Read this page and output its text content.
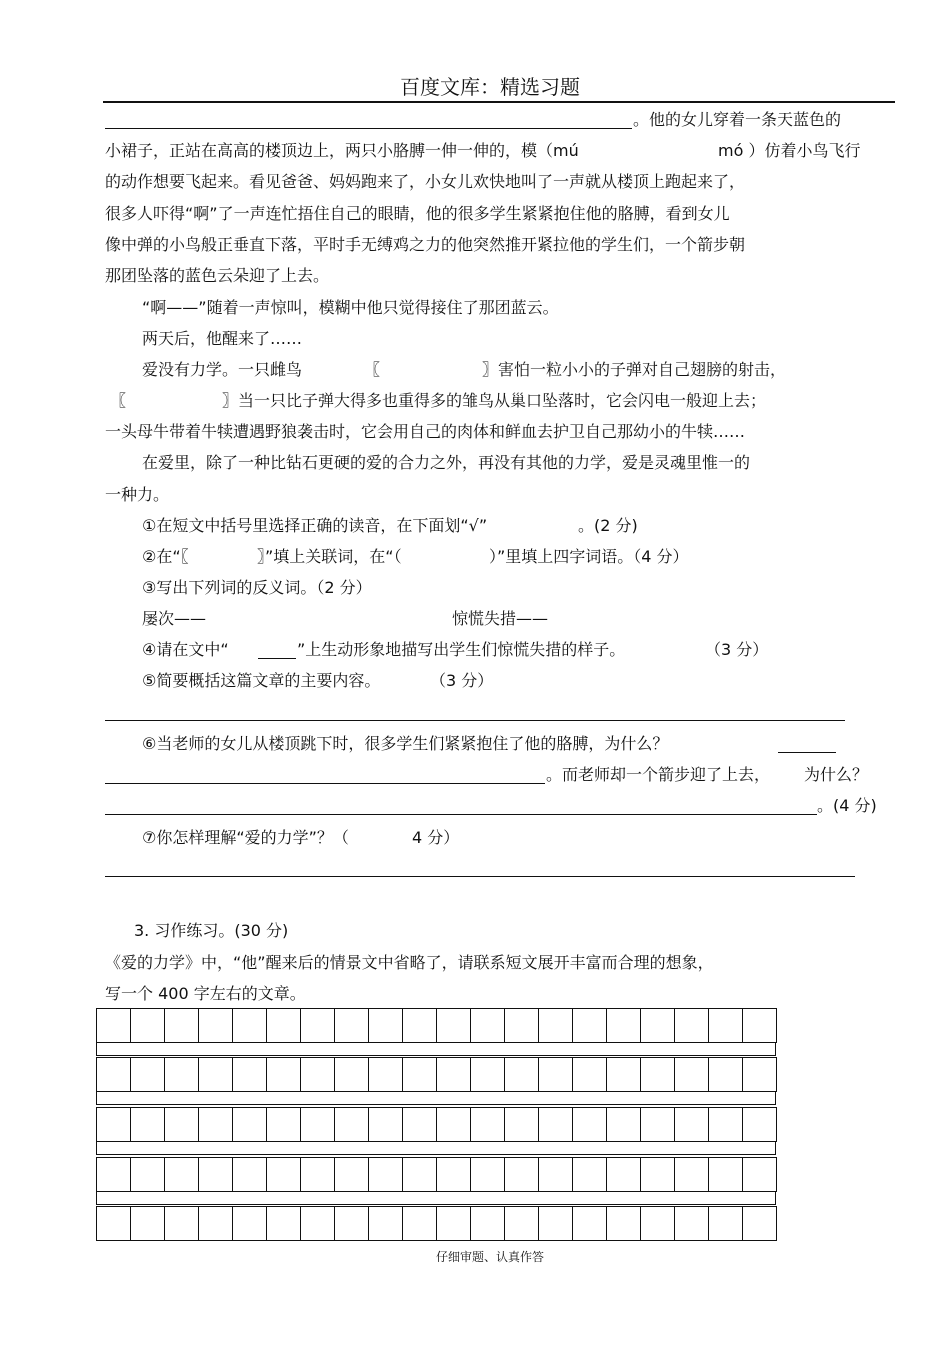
百度文库：精选习题
。他的女儿穿着一条天蓝色的
小裙子，正站在高高的楼顶边上，两只小胳膊一伸一伸的，模（mú	mó ）仿着小鸟飞行
的动作想要飞起来。看见爸爸、妈妈跑来了，小女儿欢快地叫了一声就从楼顶上跑起来了，
很多人吓得“啊”了一声连忙捂住自己的眼睛，他的很多学生紧紧抱住他的胳膊，看到女儿
像中弹的小鸟般正垂直下落，平时手无缚鸡之力的他突然推开紧拉他的学生们，一个箭步朝
那团坠落的蓝色云朵迎了上去。
“啊——”随着一声惊叫，模糊中他只觉得接住了那团蓝云。
两天后，他醒来了……
爱没有力学。一只雌鸟	〖	〗害怕一粒小小的子弹对自己翅膀的射击，
〖	〗当一只比子弹大得多也重得多的雏鸟从巢口坠落时，它会闪电一般迎上去；
一头母牛带着牛犊遭遇野狼袭击时，它会用自己的肉体和鲜血去护卫自己那幼小的牛犊……
在爱里，除了一种比钻石更硬的爱的合力之外，再没有其他的力学，爱是灵魂里惟一的
一种力。
①在短文中括号里选择正确的读音，在下面划“√”	。(2 分)
②在“〖	〗”填上关联词，在“（	）”里填上四字词语。（4 分）
③写出下列词的反义词。（2 分）
屡次——	惊慌失措——
④请在文中“	”上生动形象地描写出学生们惊慌失措的样子。	（3 分）
⑤简要概括这篇文章的主要内容。	（3 分）
⑥当老师的女儿从楼顶跳下时，很多学生们紧紧抱住了他的胳膊，为什么？
。而老师却一个箭步迎了上去， 为什么？
。(4 分)
⑦你怎样理解“爱的力学”？（	4 分）
3. 习作练习。(30 分)
《爱的力学》中，“他”醒来后的情景文中省略了，请联系短文展开丰富而合理的想象，
写一个 400 字左右的文章。
仔细审题、认真作答
